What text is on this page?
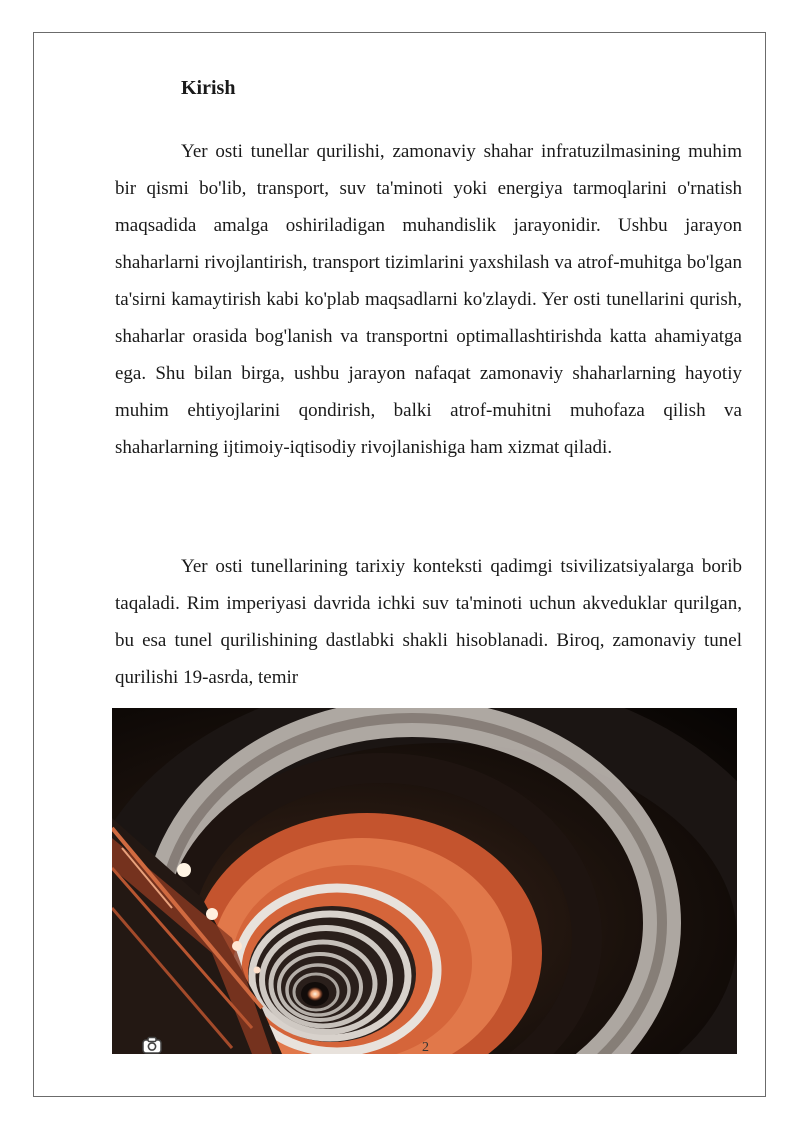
Kirish

Yer osti tunellar qurilishi, zamonaviy shahar infratuzilmasining muhim bir qismi bo'lib, transport, suv ta'minoti yoki energiya tarmoqlarini o'rnatish maqsadida amalga oshiriladigan muhandislik jarayonidir. Ushbu jarayon shaharlarni rivojlantirish, transport tizimlarini yaxshilash va atrof-muhitga bo'lgan ta'sirni kamaytirish kabi ko'plab maqsadlarni ko'zlaydi. Yer osti tunellarini qurish, shaharlar orasida bog'lanish va transportni optimallashtirishda katta ahamiyatga ega. Shu bilan birga, ushbu jarayon nafaqat zamonaviy shaharlarning hayotiy muhim ehtiyojlarini qondirish, balki atrof-muhitni muhofaza qilish va shaharlarning ijtimoiy-iqtisodiy rivojlanishiga ham xizmat qiladi.

Yer osti tunellarining tarixiy konteksti qadimgi tsivilizatsiyalarga borib taqaladi. Rim imperiyasi davrida ichki suv ta'minoti uchun akveduklar qurilgan, bu esa tunel qurilishining dastlabki shakli hisoblanadi. Biroq, zamonaviy tunel qurilishi 19-asrda, temir

2
